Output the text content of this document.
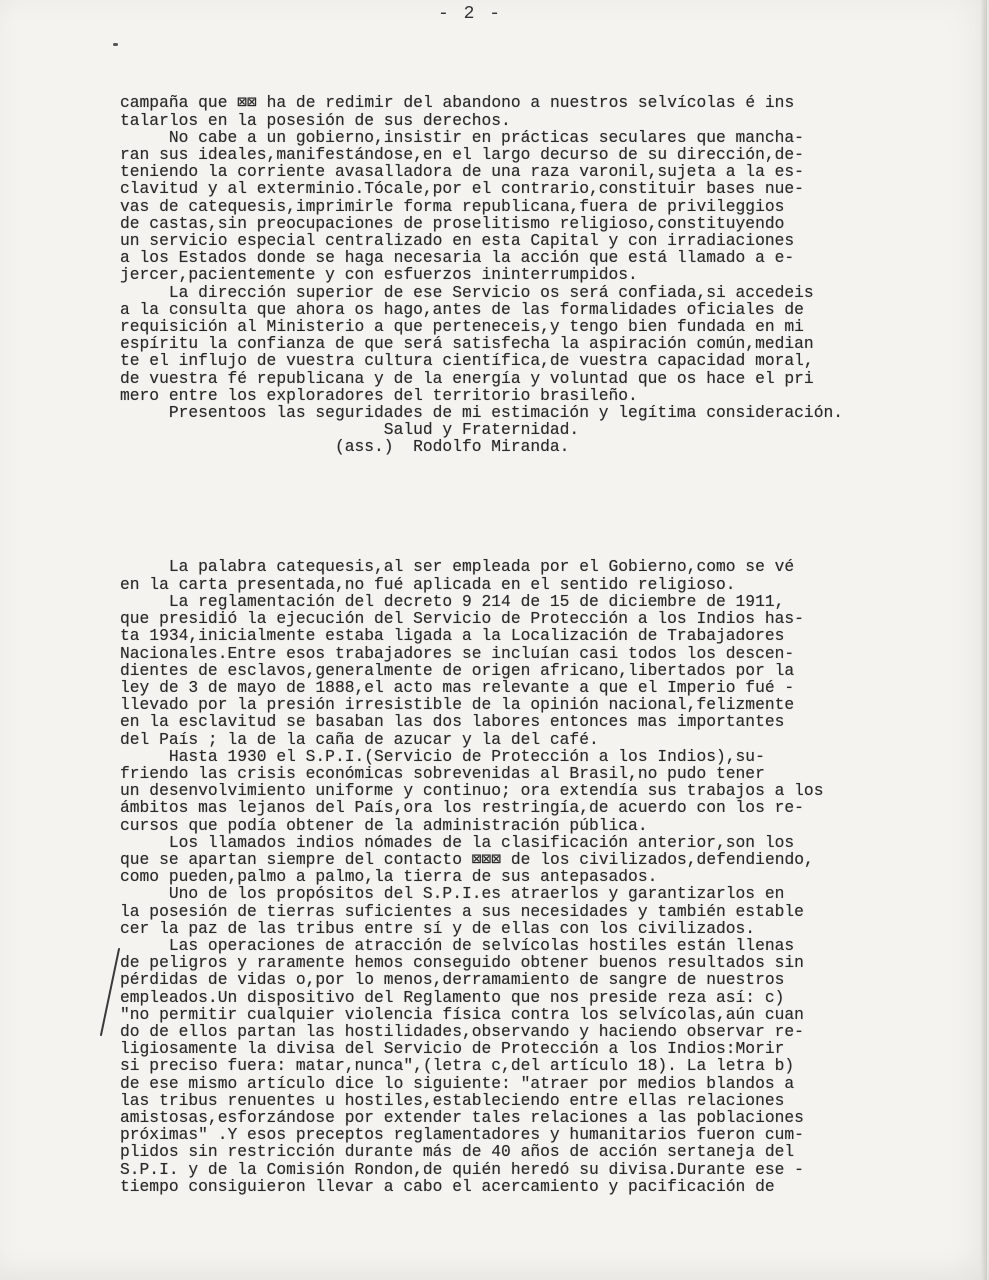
- 2 -

campaña que ⊠⊠ ha de redimir del abandono a nuestros selvícolas é ins

talarlos en la posesión de sus derechos.

No cabe a un gobierno,insistir en prácticas seculares que mancha-

ran sus ideales,manifestándose,en el largo decurso de su dirección,de-

teniendo la corriente avasalladora de una raza varonil,sujeta a la es-

clavitud y al exterminio.Tócale,por el contrario,constituir bases nue-

vas de catequesis,imprimirle forma republicana,fuera de privileggios

de castas,sin preocupaciones de proselitismo religioso,constituyendo

un servicio especial centralizado en esta Capital y con irradiaciones

a los Estados donde se haga necesaria la acción que está llamado a e-

jercer,pacientemente y con esfuerzos ininterrumpidos.

La dirección superior de ese Servicio os será confiada,si accedeis

a la consulta que ahora os hago,antes de las formalidades oficiales de

requisición al Ministerio a que perteneceis,y tengo bien fundada en mi

espíritu la confianza de que será satisfecha la aspiración común,median

te el influjo de vuestra cultura científica,de vuestra capacidad moral,

de vuestra fé republicana y de la energía y voluntad que os hace el pri

mero entre los exploradores del territorio brasileño.

Presentoos las seguridades de mi estimación y legítima consideración.

Salud y Fraternidad.

(ass.)  Rodolfo Miranda.

La palabra catequesis,al ser empleada por el Gobierno,como se vé

en la carta presentada,no fué aplicada en el sentido religioso.

La reglamentación del decreto 9 214 de 15 de diciembre de 1911,

que presidió la ejecución del Servicio de Protección a los Indios has-

ta 1934,inicialmente estaba ligada a la Localización de Trabajadores

Nacionales.Entre esos trabajadores se incluían casi todos los descen-

dientes de esclavos,generalmente de origen africano,libertados por la

ley de 3 de mayo de 1888,el acto mas relevante a que el Imperio fué -

llevado por la presión irresistible de la opinión nacional,felizmente

en la esclavitud se basaban las dos labores entonces mas importantes

del País ; la de la caña de azucar y la del café.

Hasta 1930 el S.P.I.(Servicio de Protección a los Indios),su-

friendo las crisis económicas sobrevenidas al Brasil,no pudo tener

un desenvolvimiento uniforme y continuo; ora extendía sus trabajos a los

ámbitos mas lejanos del País,ora los restringía,de acuerdo con los re-

cursos que podía obtener de la administración pública.

Los llamados indios nómades de la clasificación anterior,son los

que se apartan siempre del contacto ⊠⊠⊠ de los civilizados,defendiendo,

como pueden,palmo a palmo,la tierra de sus antepasados.

Uno de los propósitos del S.P.I.es atraerlos y garantizarlos en

la posesión de tierras suficientes a sus necesidades y también estable

cer la paz de las tribus entre sí y de ellas con los civilizados.

Las operaciones de atracción de selvícolas hostiles están llenas

de peligros y raramente hemos conseguido obtener buenos resultados sin

pérdidas de vidas o,por lo menos,derramamiento de sangre de nuestros

empleados.Un dispositivo del Reglamento que nos preside reza así: c)

"no permitir cualquier violencia física contra los selvícolas,aún cuan

do de ellos partan las hostilidades,observando y haciendo observar re-

ligiosamente la divisa del Servicio de Protección a los Indios:Morir

si preciso fuera: matar,nunca",(letra c,del artículo 18). La letra b)

de ese mismo artículo dice lo siguiente: "atraer por medios blandos a

las tribus renuentes u hostiles,estableciendo entre ellas relaciones

amistosas,esforzándose por extender tales relaciones a las poblaciones

próximas" .Y esos preceptos reglamentadores y humanitarios fueron cum-

plidos sin restricción durante más de 40 años de acción sertaneja del

S.P.I. y de la Comisión Rondon,de quién heredó su divisa.Durante ese -

tiempo consiguieron llevar a cabo el acercamiento y pacificación de
